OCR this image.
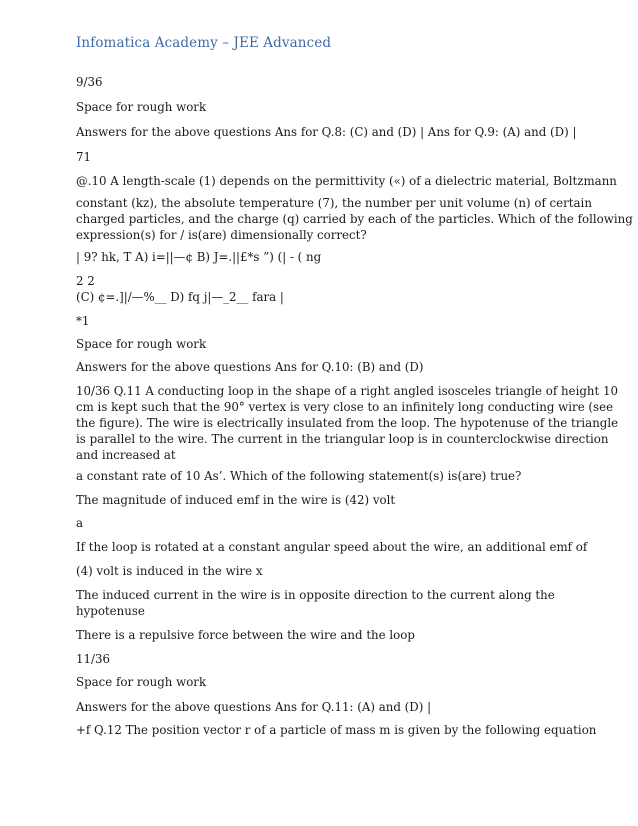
Infomatica Academy – JEE Advanced
9/36
Space for rough work
Answers for the above questions Ans for Q.8: (C) and (D) | Ans for Q.9: (A) and (D) |
71
@.10 A length-scale (1) depends on the permittivity («) of a dielectric material, Boltzmann
constant (kz), the absolute temperature (7), the number per unit volume (n) of certain
charged particles, and the charge (q) carried by each of the particles. Which of the following
expression(s) for / is(are) dimensionally correct?
| 9? hk, T A) i=||—¢ B) J=.||£*s ”) (| - ( ng
2 2
(C) ¢=.]|/—%__ D) fq j|—_2__ fara |
*1
Space for rough work
Answers for the above questions Ans for Q.10: (B) and (D)
10/36 Q.11 A conducting loop in the shape of a right angled isosceles triangle of height 10
cm is kept such that the 90° vertex is very close to an infinitely long conducting wire (see
the figure). The wire is electrically insulated from the loop. The hypotenuse of the triangle
is parallel to the wire. The current in the triangular loop is in counterclockwise direction
and increased at
a constant rate of 10 As’. Which of the following statement(s) is(are) true?
The magnitude of induced emf in the wire is (42) volt
a
If the loop is rotated at a constant angular speed about the wire, an additional emf of
(4) volt is induced in the wire x
The induced current in the wire is in opposite direction to the current along the
hypotenuse
There is a repulsive force between the wire and the loop
11/36
Space for rough work
Answers for the above questions Ans for Q.11: (A) and (D) |
+f Q.12 The position vector r of a particle of mass m is given by the following equation
